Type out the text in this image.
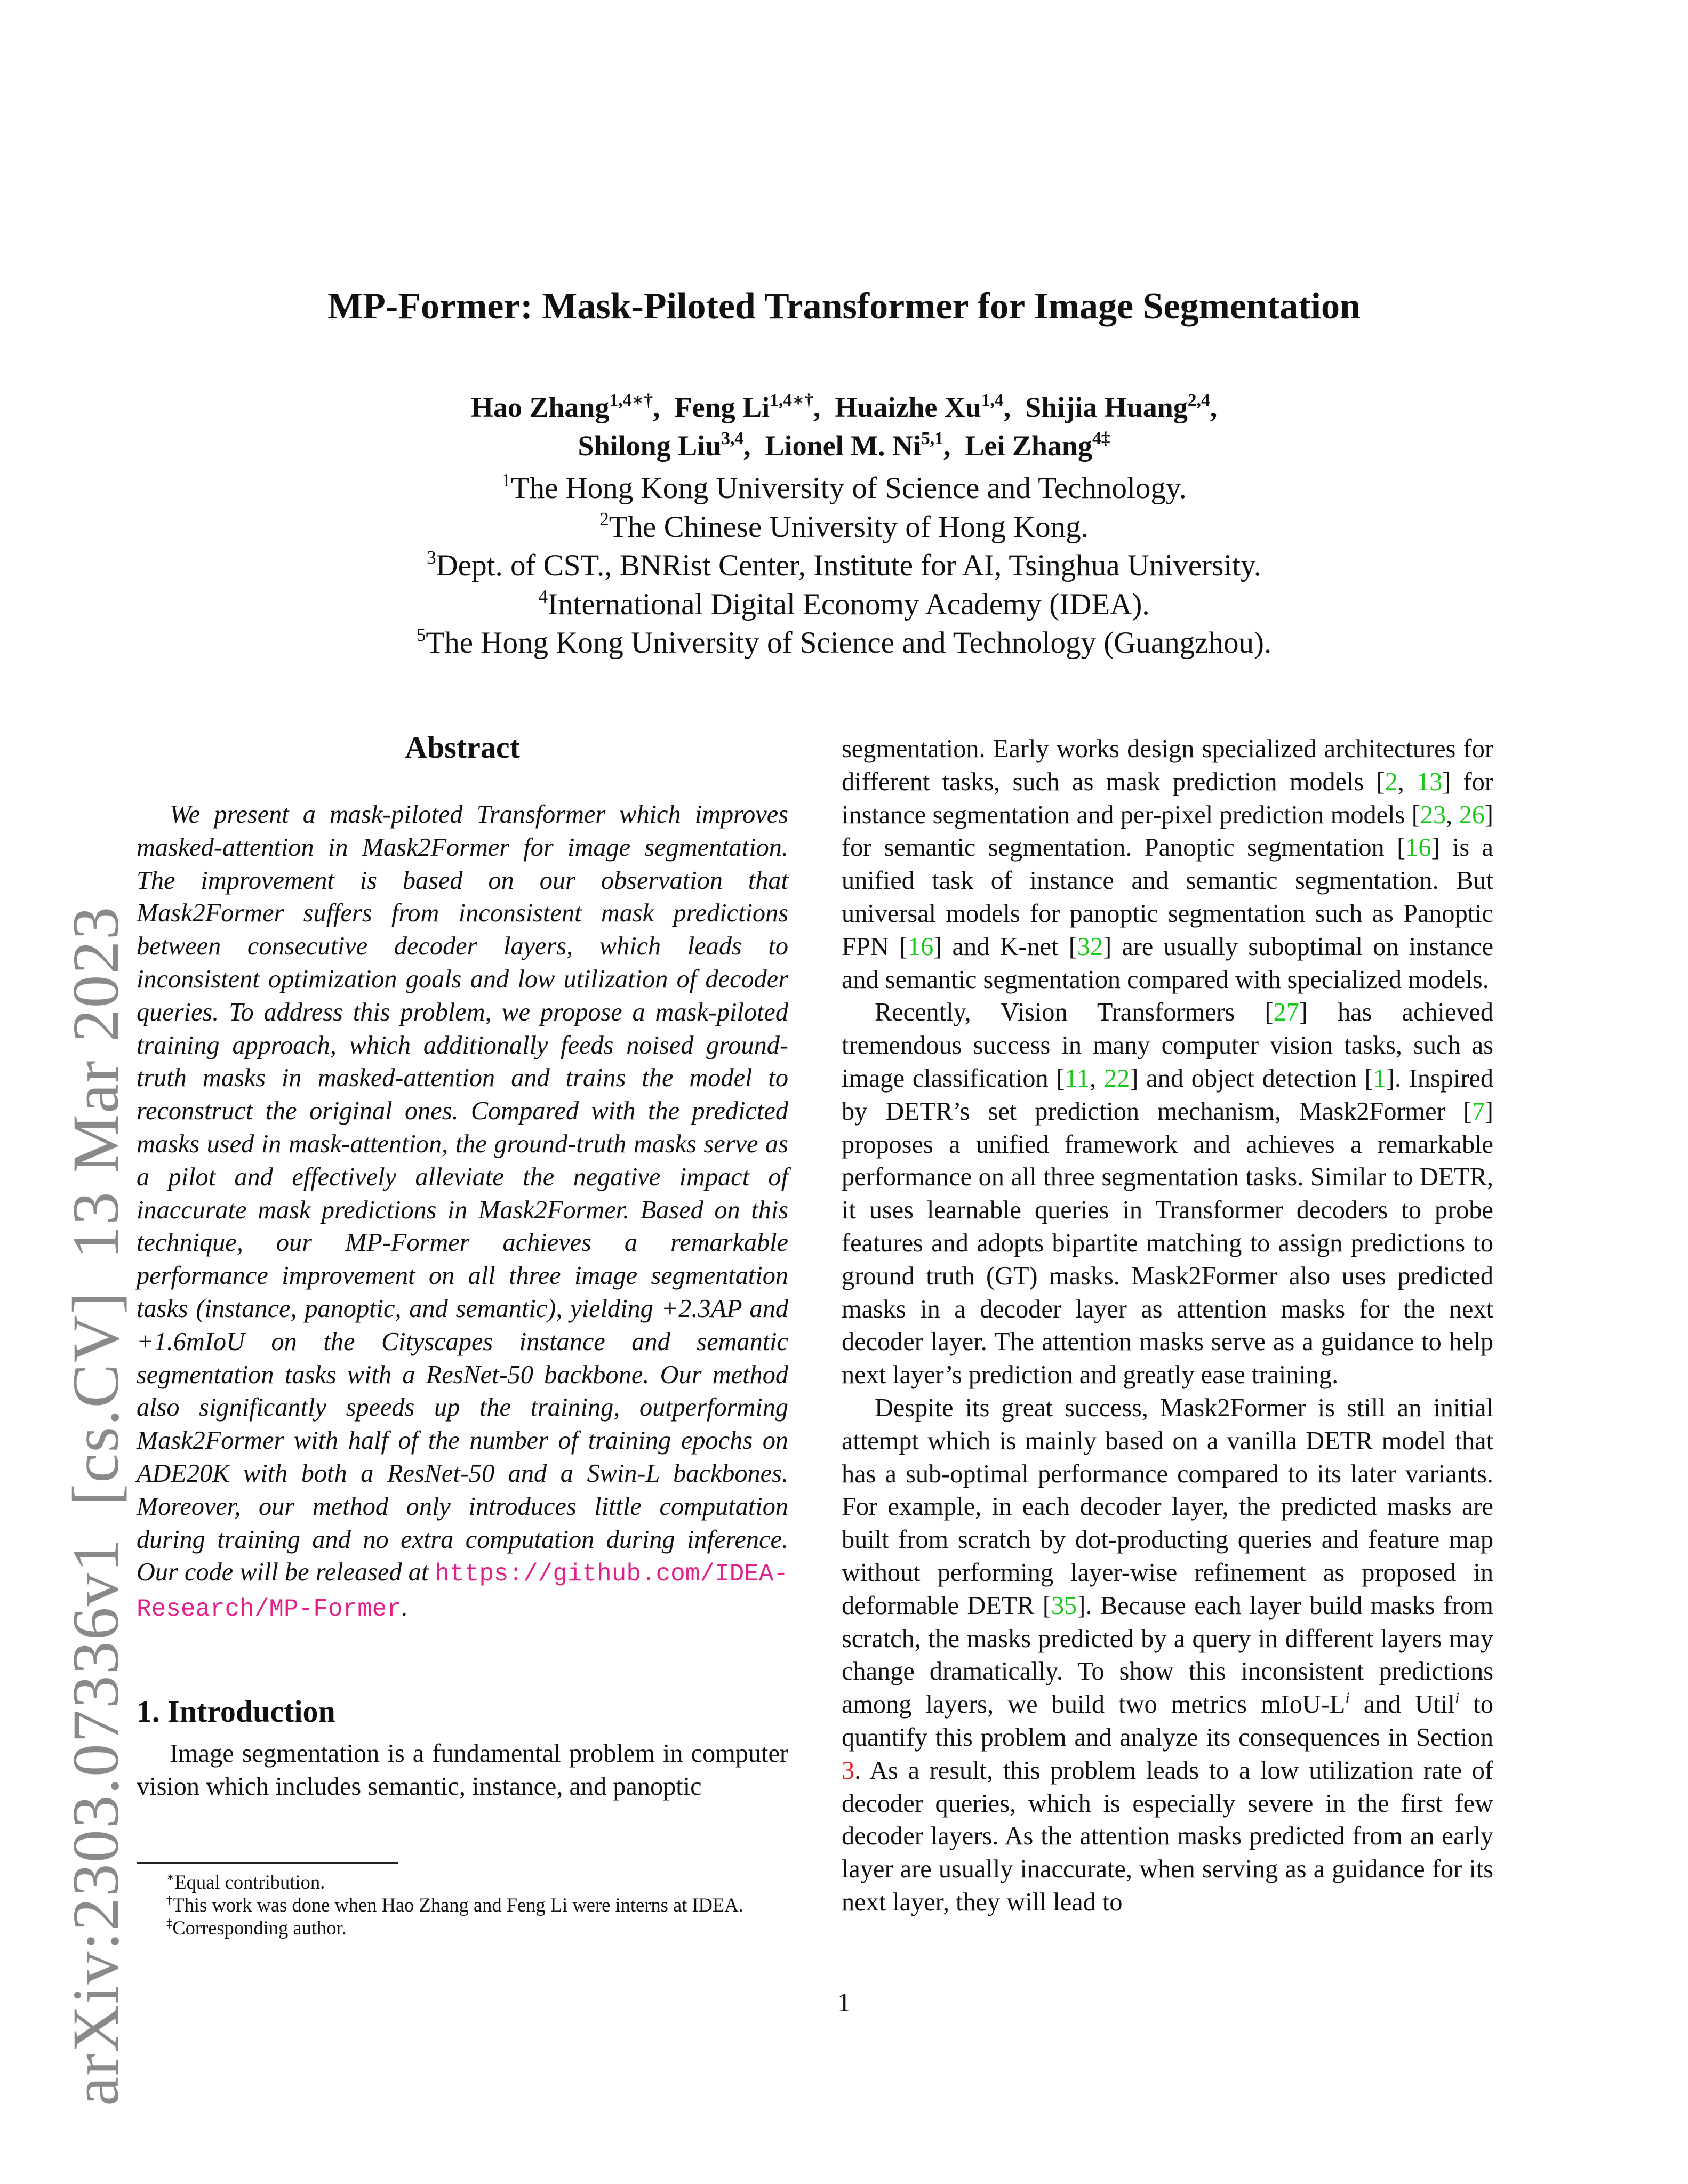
arXiv:2303.07336v1[cs.CV]13 Mar 2023
MP-Former: Mask-Piloted Transformer for Image Segmentation
Hao Zhang$^{1,4∗\dagger}$,  Feng $Li^{1,4∗\dagger}$,  Huaizhe Xu$^{1,4}$,  Shijia Huang$^{2,4}$,
Shilong Liu$^{3,4}$,  Lionel M. Ni$^{5,1}$,  Lei Zhang$^{4\ddagger}$
$^1$The Hong Kong University of Science and Technology.
$^2$The Chinese University of Hong Kong.
$^3$Dept. of CST., BNRist Center, Institute for AI, Tsinghua University.
$^4$International Digital Economy Academy (IDEA).
$^5$The Hong Kong University of Science and Technology (Guangzhou).
Abstract

We present a mask-piloted Transformer which improves masked-attention in Mask2Former for image segmentation. The improvement is based on our observation that Mask2Former suffers from inconsistent mask predictions between consecutive decoder layers, which leads to inconsistent optimization goals and low utilization of decoder queries. To address this problem, we propose a mask-piloted training approach, which additionally feeds noised ground-truth masks in masked-attention and trains the model to reconstruct the original ones. Compared with the predicted masks used in mask-attention, the ground-truth masks serve as a pilot and effectively alleviate the negative impact of inaccurate mask predictions in Mask2Former. Based on this technique, our MP-Former achieves a remarkable performance improvement on all three image segmentation tasks (instance, panoptic, and semantic), yielding +2.3AP and +1.6mIoU on the Cityscapes instance and semantic segmentation tasks with a ResNet-50 backbone. Our method also significantly speeds up the training, outperforming Mask2Former with half of the number of training epochs on ADE20K with both a ResNet-50 and a Swin-L backbones. Moreover, our method only introduces little computation during training and no extra computation during inference. Our code will be released at https://github.com/IDEA-Research/MP-Former.

1. Introduction

Image segmentation is a fundamental problem in computer vision which includes semantic, instance, and panoptic

∗Equal contribution.

†This work was done when Hao Zhang and Feng Li were interns at IDEA.

‡Corresponding author.

segmentation. Early works design specialized architectures for different tasks, such as mask prediction models [2, 13] for instance segmentation and per-pixel prediction models [23, 26] for semantic segmentation. Panoptic segmentation [16] is a unified task of instance and semantic segmentation. But universal models for panoptic segmentation such as Panoptic FPN [16] and K-net [32] are usually suboptimal on instance and semantic segmentation compared with specialized models.

Recently, Vision Transformers [27] has achieved tremendous success in many computer vision tasks, such as image classification [11, 22] and object detection [1]. Inspired by DETR’s set prediction mechanism, Mask2Former [7] proposes a unified framework and achieves a remarkable performance on all three segmentation tasks. Similar to DETR, it uses learnable queries in Transformer decoders to probe features and adopts bipartite matching to assign predictions to ground truth (GT) masks. Mask2Former also uses predicted masks in a decoder layer as attention masks for the next decoder layer. The attention masks serve as a guidance to help next layer’s prediction and greatly ease training.

Despite its great success, Mask2Former is still an initial attempt which is mainly based on a vanilla DETR model that has a sub-optimal performance compared to its later variants. For example, in each decoder layer, the predicted masks are built from scratch by dot-producting queries and feature map without performing layer-wise refinement as proposed in deformable DETR [35]. Because each layer build masks from scratch, the masks predicted by a query in different layers may change dramatically. To show this inconsistent predictions among layers, we build two metrics mIoU-$L^i$ and Util$^i$ to quantify this problem and analyze its consequences in Section 3. As a result, this problem leads to a low utilization rate of decoder queries, which is especially severe in the first few decoder layers. As the attention masks predicted from an early layer are usually inaccurate, when serving as a guidance for its next layer, they will lead to

1
